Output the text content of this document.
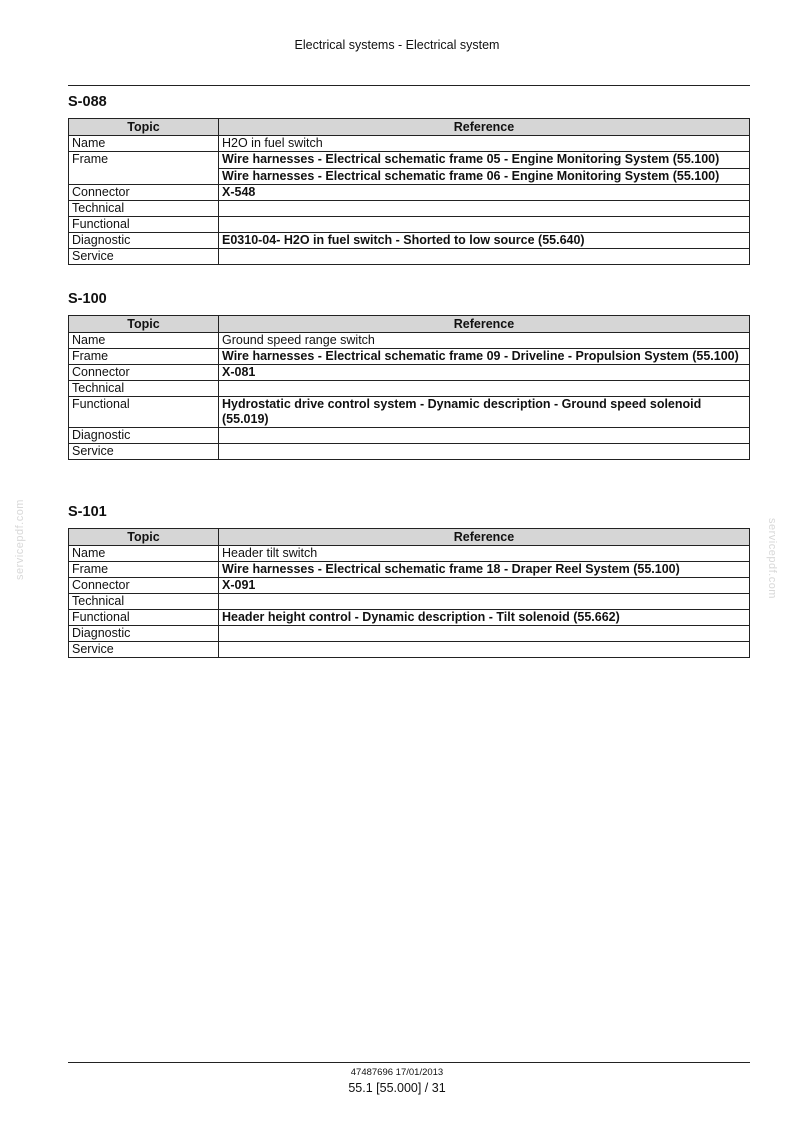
Electrical systems - Electrical system
S-088
Topic	Reference
Name	H2O in fuel switch

Frame	Wire harnesses - Electrical schematic frame 05 - Engine Monitoring System (55.100)
Wire harnesses - Electrical schematic frame 06 - Engine Monitoring System (55.100)

Connector	X-548

Technical	
Functional	
Diagnostic	E0310-04- H2O in fuel switch - Shorted to low source (55.640)

Service	
S-100
Topic	Reference
Name	Ground speed range switch

Frame	Wire harnesses - Electrical schematic frame 09 - Driveline - Propulsion System (55.100)

Connector	X-081

Technical	
Functional	Hydrostatic drive control system - Dynamic description - Ground speed solenoid (55.019)

Diagnostic	
Service	
S-101
Topic	Reference
Name	Header tilt switch

Frame	Wire harnesses - Electrical schematic frame 18 - Draper Reel System (55.100)

Connector	X-091

Technical	
Functional	Header height control - Dynamic description - Tilt solenoid (55.662)

Diagnostic	
Service	
servicepdf.com	servicepdf.com
47487696 17/01/2013
55.1 [55.000] / 31
